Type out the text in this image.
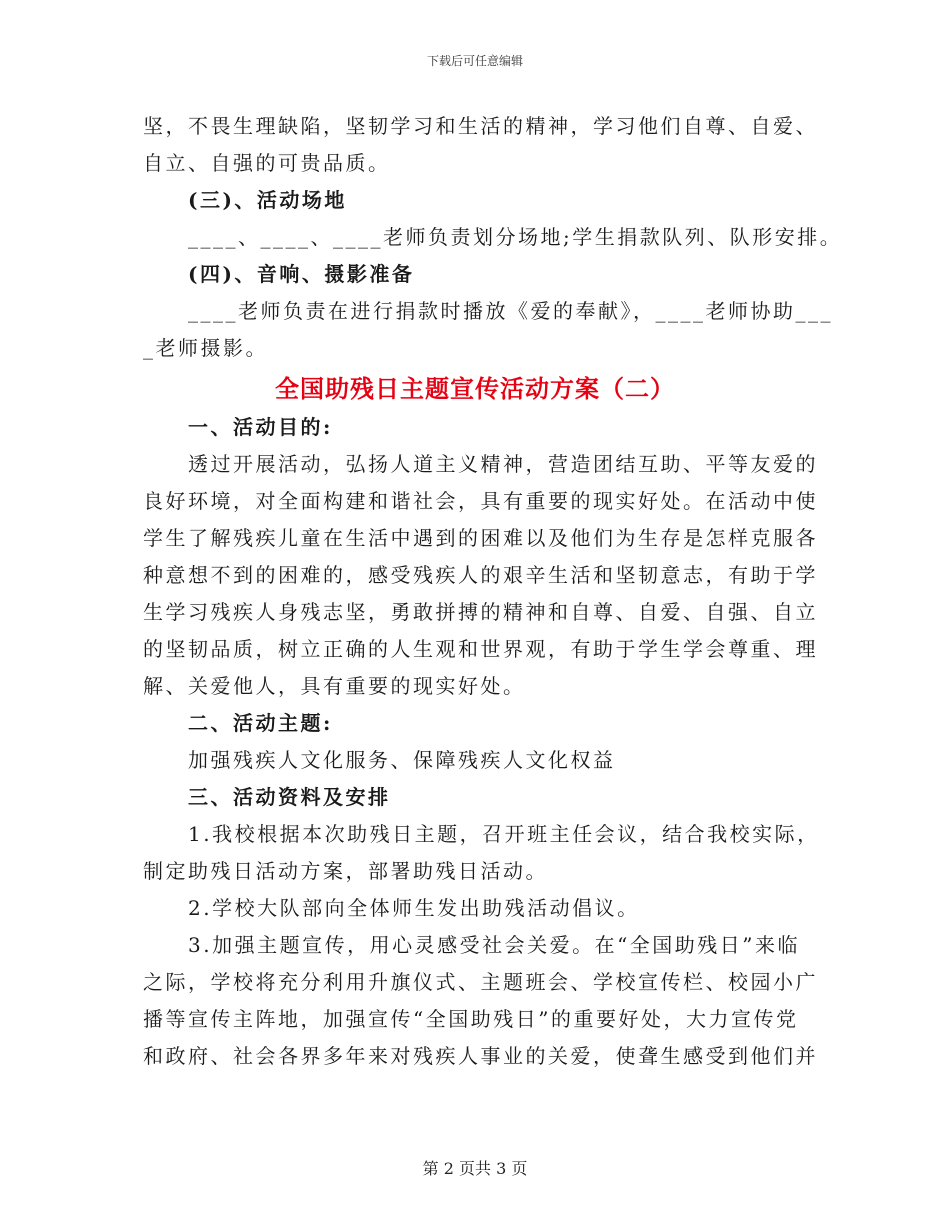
下载后可任意编辑
坚，不畏生理缺陷，坚韧学习和生活的精神，学习他们自尊、自爱、
自立、自强的可贵品质。
(三)、活动场地
____、____、____老师负责划分场地;学生捐款队列、队形安排。
(四)、音响、摄影准备
____老师负责在进行捐款时播放《爱的奉献》，____老师协助___
_老师摄影。
全国助残日主题宣传活动方案（二）
一、活动目的:
透过开展活动，弘扬人道主义精神，营造团结互助、平等友爱的
良好环境，对全面构建和谐社会，具有重要的现实好处。在活动中使
学生了解残疾儿童在生活中遇到的困难以及他们为生存是怎样克服各
种意想不到的困难的，感受残疾人的艰辛生活和坚韧意志，有助于学
生学习残疾人身残志坚，勇敢拼搏的精神和自尊、自爱、自强、自立
的坚韧品质，树立正确的人生观和世界观，有助于学生学会尊重、理
解、关爱他人，具有重要的现实好处。
二、活动主题:
加强残疾人文化服务、保障残疾人文化权益
三、活动资料及安排
1.我校根据本次助残日主题，召开班主任会议，结合我校实际，
制定助残日活动方案，部署助残日活动。
2.学校大队部向全体师生发出助残活动倡议。
3.加强主题宣传，用心灵感受社会关爱。在“全国助残日”来临
之际，学校将充分利用升旗仪式、主题班会、学校宣传栏、校园小广
播等宣传主阵地，加强宣传“全国助残日”的重要好处，大力宣传党
和政府、社会各界多年来对残疾人事业的关爱，使聋生感受到他们并
第 2 页共 3 页
